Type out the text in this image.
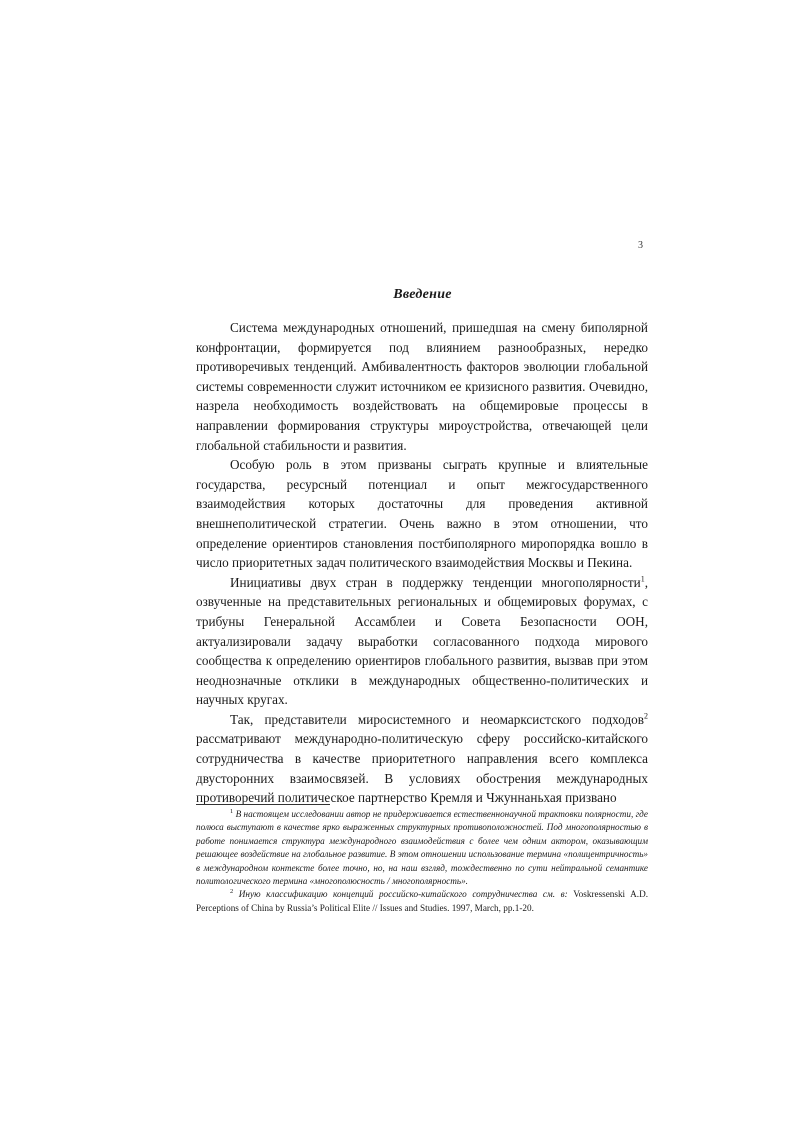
3
Введение

Система международных отношений, пришедшая на смену биполярной конфронтации, формируется под влиянием разнообразных, нередко противоречивых тенденций. Амбивалентность факторов эволюции глобальной системы современности служит источником ее кризисного развития. Очевидно, назрела необходимость воздействовать на общемировые процессы в направлении формирования структуры мироустройства, отвечающей цели глобальной стабильности и развития.

Особую роль в этом призваны сыграть крупные и влиятельные государства, ресурсный потенциал и опыт межгосударственного взаимодействия которых достаточны для проведения активной внешнеполитической стратегии. Очень важно в этом отношении, что определение ориентиров становления постбиполярного миропорядка вошло в число приоритетных задач политического взаимодействия Москвы и Пекина.

Инициативы двух стран в поддержку тенденции многополярности$^1$, озвученные на представительных региональных и общемировых форумах, с трибуны Генеральной Ассамблеи и Совета Безопасности ООН, актуализировали задачу выработки согласованного подхода мирового сообщества к определению ориентиров глобального развития, вызвав при этом неоднозначные отклики в международных общественно-политических и научных кругах.

Так, представители миросистемного и неомарксистского подходов$^2$ рассматривают международно-политическую сферу российско-китайского сотрудничества в качестве приоритетного направления всего комплекса двусторонних взаимосвязей. В условиях обострения международных противоречий политическое партнерство Кремля и Чжуннаньхая призвано

$^1$ В настоящем исследовании автор не придерживается естественнонаучной трактовки полярности, где полюса выступают в качестве ярко выраженных структурных противоположностей. Под многополярностью в работе понимается структура международного взаимодействия с более чем одним актором, оказывающим решающее воздействие на глобальное развитие. В этом отношении использование термина «полицентричность» в международном контексте более точно, но, на наш взгляд, тождественно по сути нейтральной семантике политологического термина «многополюсность / многополярность».

$^2$ Иную классификацию концепций российско-китайского сотрудничества см. в: Voskressenski A.D. Perceptions of China by Russia’s Political Elite // Issues and Studies. 1997, March, pp.1-20.
